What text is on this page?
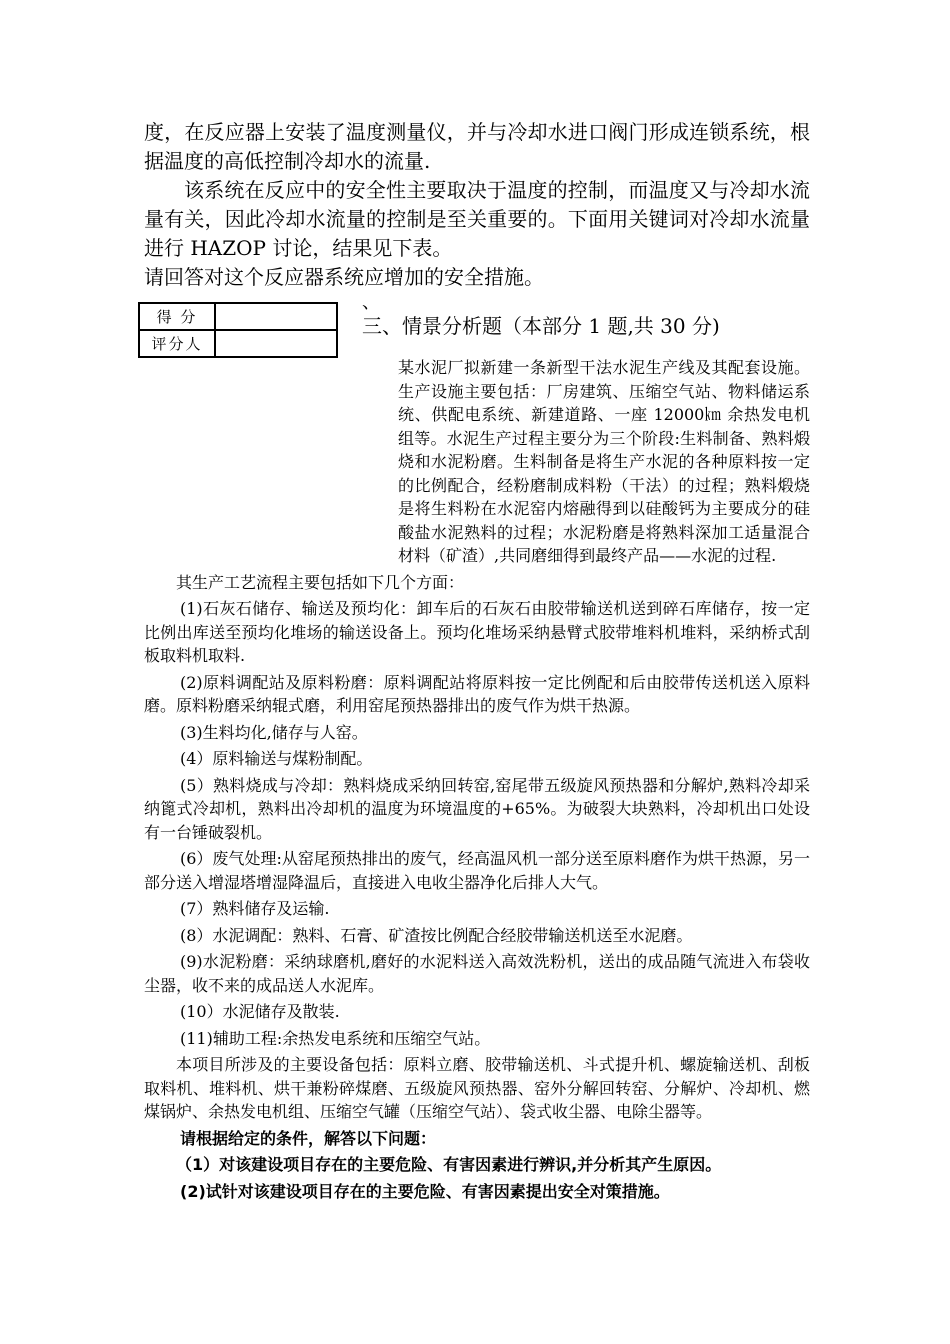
度，在反应器上安装了温度测量仪，并与冷却水进口阀门形成连锁系统，根据温度的高低控制冷却水的流量.

该系统在反应中的安全性主要取决于温度的控制，而温度又与冷却水流量有关，因此冷却水流量的控制是至关重要的。下面用关键词对冷却水流量进行 HAZOP 讨论，结果见下表。

请回答对这个反应器系统应增加的安全措施。

得 分	
评分人	
、
三、情景分析题（本部分 1 题,共 30 分)

某水泥厂拟新建一条新型干法水泥生产线及其配套设施。生产设施主要包括：厂房建筑、压缩空气站、物料储运系统、供配电系统、新建道路、一座 12000㎞ 余热发电机组等。水泥生产过程主要分为三个阶段:生料制备、熟料煅烧和水泥粉磨。生料制备是将生产水泥的各种原料按一定的比例配合，经粉磨制成料粉（干法）的过程；熟料煅烧是将生料粉在水泥窑内熔融得到以硅酸钙为主要成分的硅酸盐水泥熟料的过程；水泥粉磨是将熟料深加工适量混合材料（矿渣）,共同磨细得到最终产品——水泥的过程.

其生产工艺流程主要包括如下几个方面：

(1)石灰石储存、输送及预均化：卸车后的石灰石由胶带输送机送到碎石库储存，按一定比例出库送至预均化堆场的输送设备上。预均化堆场采纳悬臂式胶带堆料机堆料，采纳桥式刮板取料机取料.

(2)原料调配站及原料粉磨：原料调配站将原料按一定比例配和后由胶带传送机送入原料磨。原料粉磨采纳辊式磨，利用窑尾预热器排出的废气作为烘干热源。

(3)生料均化,储存与人窑。

(4）原料输送与煤粉制配。

(5）熟料烧成与冷却：熟料烧成采纳回转窑,窑尾带五级旋风预热器和分解炉,熟料冷却采纳篦式冷却机，熟料出冷却机的温度为环境温度的+65%。为破裂大块熟料，冷却机出口处设有一台锤破裂机。

(6）废气处理:从窑尾预热排出的废气，经高温风机一部分送至原料磨作为烘干热源，另一部分送入增湿塔增湿降温后，直接进入电收尘器净化后排人大气。

(7）熟料储存及运输.

(8）水泥调配：熟料、石膏、矿渣按比例配合经胶带输送机送至水泥磨。

(9)水泥粉磨：采纳球磨机,磨好的水泥料送入高效洗粉机，送出的成品随气流进入布袋收尘器，收不来的成品送人水泥库。

(10）水泥储存及散装.

(11)辅助工程:余热发电系统和压缩空气站。

本项目所涉及的主要设备包括：原料立磨、胶带输送机、斗式提升机、螺旋输送机、刮板取料机、堆料机、烘干兼粉碎煤磨、五级旋风预热器、窑外分解回转窑、分解炉、冷却机、燃煤锅炉、余热发电机组、压缩空气罐（压缩空气站）、袋式收尘器、电除尘器等。

请根据给定的条件，解答以下问题：

（1）对该建设项目存在的主要危险、有害因素进行辨识,并分析其产生原因。

(2)试针对该建设项目存在的主要危险、有害因素提出安全对策措施。
